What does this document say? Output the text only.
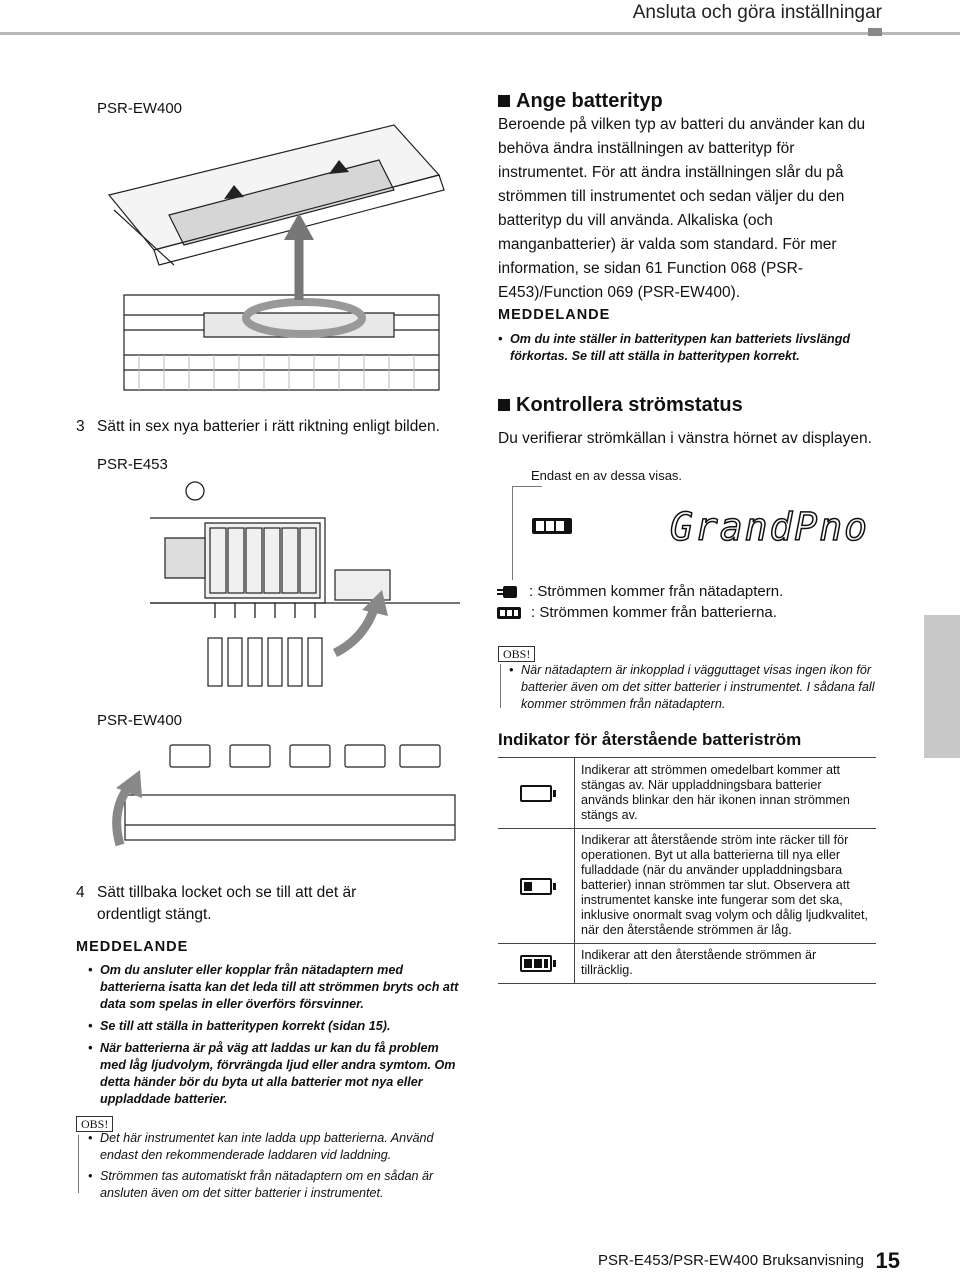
Ansluta och göra inställningar
PSR-EW400
3 Sätt in sex nya batterier i rätt riktning enligt bilden.
PSR-E453
PSR-EW400
4 Sätt tillbaka locket och se till att det är
ordentligt stängt.
MEDDELANDE
• Om du ansluter eller kopplar från nätadaptern med batterierna isatta kan det leda till att strömmen bryts och att data som spelas in eller överförs försvinner.
• Se till att ställa in batteritypen korrekt (sidan 15).
• När batterierna är på väg att laddas ur kan du få problem med låg ljudvolym, förvrängda ljud eller andra symtom. Om detta händer bör du byta ut alla batterier mot nya eller uppladdade batterier.
OBS!
• Det här instrumentet kan inte ladda upp batterierna. Använd endast den rekommenderade laddaren vid laddning.
• Strömmen tas automatiskt från nätadaptern om en sådan är ansluten även om det sitter batterier i instrumentet.
Ange batterityp
Beroende på vilken typ av batteri du använder kan du behöva ändra inställningen av batterityp för instrumentet. För att ändra inställningen slår du på strömmen till instrumentet och sedan väljer du den batterityp du vill använda. Alkaliska (och manganbatterier) är valda som standard. För mer information, se sidan 61 Function 068 (PSR-E453)/Function 069 (PSR-EW400).
MEDDELANDE
• Om du inte ställer in batteritypen kan batteriets livslängd förkortas. Se till att ställa in batteritypen korrekt.
Kontrollera strömstatus
Du verifierar strömkällan i vänstra hörnet av displayen.
Endast en av dessa visas.
GrandPno
: Strömmen kommer från nätadaptern.
: Strömmen kommer från batterierna.
OBS!
• När nätadaptern är inkopplad i vägguttaget visas ingen ikon för batterier även om det sitter batterier i instrumentet. I sådana fall kommer strömmen från nätadaptern.
Indikator för återstående batteriström
	Indikerar att strömmen omedelbart kommer att stängas av. När uppladdningsbara batterier används blinkar den här ikonen innan strömmen stängs av.

	Indikerar att återstående ström inte räcker till för operationen. Byt ut alla batterierna till nya eller fulladdade (när du använder uppladdningsbara batterier) innan strömmen tar slut. Observera att instrumentet kanske inte fungerar som det ska, inklusive onormalt svag volym och dålig ljudkvalitet, när den återstående strömmen är låg.

	Indikerar att den återstående strömmen är tillräcklig.
PSR-E453/PSR-EW400 Bruksanvisning 15
